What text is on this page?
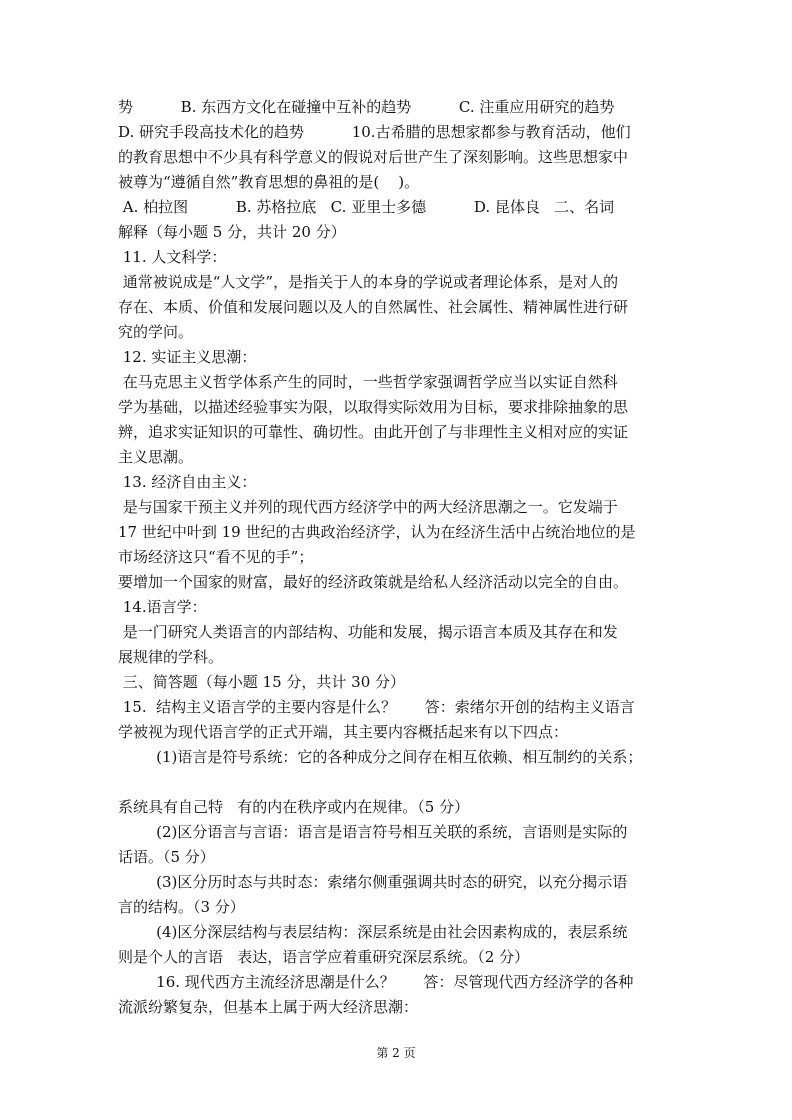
势          B. 东西方文化在碰撞中互补的趋势          C. 注重应用研究的趋势
D. 研究手段高技术化的趋势          10.古希腊的思想家都参与教育活动，他们
的教育思想中不少具有科学意义的假说对后世产生了深刻影响。这些思想家中
被尊为“遵循自然”教育思想的鼻祖的是(    )。
A. 柏拉图          B. 苏格拉底   C. 亚里士多德          D. 昆体良   二、名词
解释（每小题 5 分，共计 20 分）
11. 人文科学：
通常被说成是“人文学”，是指关于人的本身的学说或者理论体系，是对人的
存在、本质、价值和发展问题以及人的自然属性、社会属性、精神属性进行研
究的学问。
12. 实证主义思潮：
在马克思主义哲学体系产生的同时，一些哲学家强调哲学应当以实证自然科
学为基础，以描述经验事实为限，以取得实际效用为目标，要求排除抽象的思
辨，追求实证知识的可靠性、确切性。由此开创了与非理性主义相对应的实证
主义思潮。
13. 经济自由主义：
是与国家干预主义并列的现代西方经济学中的两大经济思潮之一。它发端于
17 世纪中叶到 19 世纪的古典政治经济学，认为在经济生活中占统治地位的是
市场经济这只“看不见的手”；
要增加一个国家的财富，最好的经济政策就是给私人经济活动以完全的自由。
14.语言学：
是一门研究人类语言的内部结构、功能和发展，揭示语言本质及其存在和发
展规律的学科。
三、简答题（每小题 15 分，共计 30 分）
15.  结构主义语言学的主要内容是什么？      答：索绪尔开创的结构主义语言
学被视为现代语言学的正式开端，其主要内容概括起来有以下四点：
(1)语言是符号系统：它的各种成分之间存在相互依赖、相互制约的关系；
系统具有自己特   有的内在秩序或内在规律。（5 分）
(2)区分语言与言语：语言是语言符号相互关联的系统，言语则是实际的
话语。（5 分）
(3)区分历时态与共时态：索绪尔侧重强调共时态的研究，以充分揭示语
言的结构。（3 分）
(4)区分深层结构与表层结构：深层系统是由社会因素构成的，表层系统
则是个人的言语   表达，语言学应着重研究深层系统。（2 分）
16. 现代西方主流经济思潮是什么？      答：尽管现代西方经济学的各种
流派纷繁复杂，但基本上属于两大经济思潮：
第 2 页
